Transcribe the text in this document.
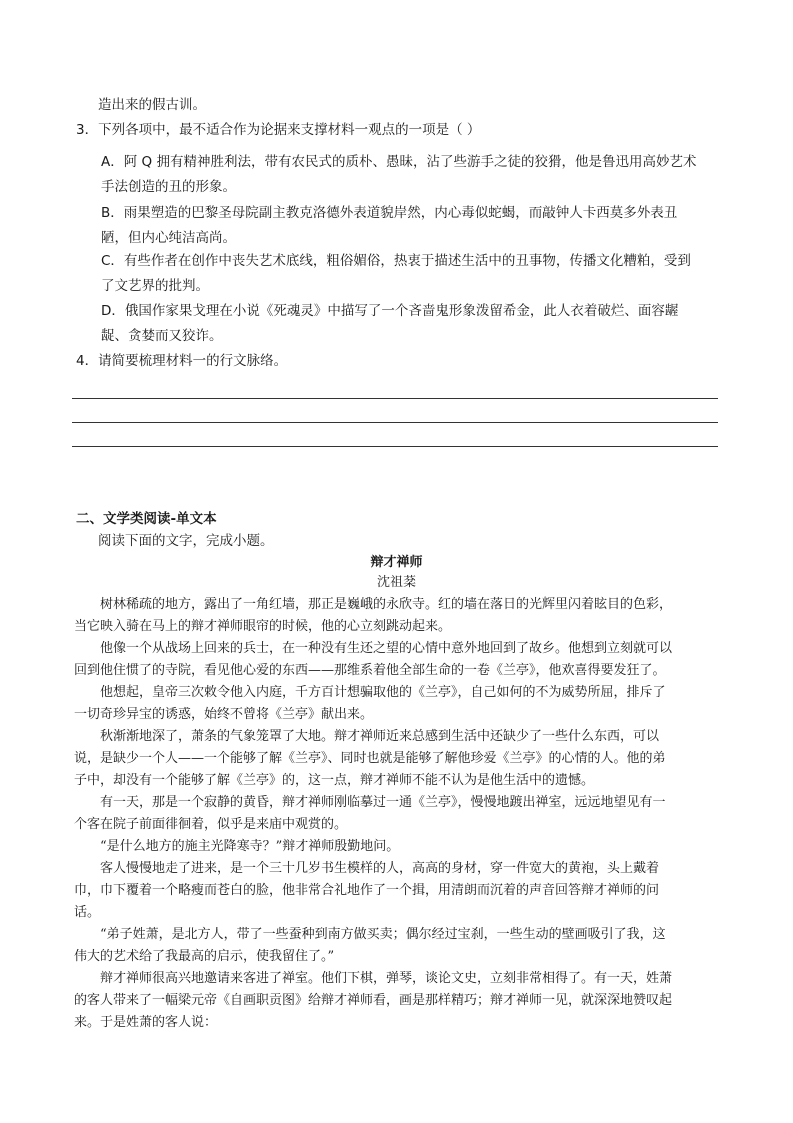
造出来的假古训。
3．下列各项中，最不适合作为论据来支撑材料一观点的一项是（ ）
A．阿 Q 拥有精神胜利法，带有农民式的质朴、愚昧，沾了些游手之徒的狡猾，他是鲁迅用高妙艺术
手法创造的丑的形象。
B．雨果塑造的巴黎圣母院副主教克洛德外表道貌岸然，内心毒似蛇蝎，而敲钟人卡西莫多外表丑
陋，但内心纯洁高尚。
C．有些作者在创作中丧失艺术底线，粗俗媚俗，热衷于描述生活中的丑事物，传播文化糟粕，受到
了文艺界的批判。
D．俄国作家果戈理在小说《死魂灵》中描写了一个吝啬鬼形象泼留希金，此人衣着破烂、面容龌
龊、贪婪而又狡诈。
4．请简要梳理材料一的行文脉络。
二、文学类阅读-单文本
阅读下面的文字，完成小题。
辩才禅师
沈祖棻
树林稀疏的地方，露出了一角红墙，那正是巍峨的永欣寺。红的墙在落日的光辉里闪着眩目的色彩，
当它映入骑在马上的辩才禅师眼帘的时候，他的心立刻跳动起来。
他像一个从战场上回来的兵士，在一种没有生还之望的心情中意外地回到了故乡。他想到立刻就可以
回到他住惯了的寺院，看见他心爱的东西——那维系着他全部生命的一卷《兰亭》，他欢喜得要发狂了。
他想起，皇帝三次敕令他入内庭，千方百计想骗取他的《兰亭》，自己如何的不为威势所屈，排斥了
一切奇珍异宝的诱惑，始终不曾将《兰亭》献出来。
秋渐渐地深了，萧条的气象笼罩了大地。辩才禅师近来总感到生活中还缺少了一些什么东西，可以
说，是缺少一个人——一个能够了解《兰亭》、同时也就是能够了解他珍爱《兰亭》的心情的人。他的弟
子中，却没有一个能够了解《兰亭》的，这一点，辩才禅师不能不认为是他生活中的遗憾。
有一天，那是一个寂静的黄昏，辩才禅师刚临摹过一通《兰亭》，慢慢地踱出禅室，远远地望见有一
个客在院子前面徘徊着，似乎是来庙中观赏的。
“是什么地方的施主光降寒寺？”辩才禅师殷勤地问。
客人慢慢地走了进来，是一个三十几岁书生模样的人，高高的身材，穿一件宽大的黄袍，头上戴着
巾，巾下覆着一个略瘦而苍白的脸，他非常合礼地作了一个揖，用清朗而沉着的声音回答辩才禅师的问
话。
“弟子姓萧，是北方人，带了一些蚕种到南方做买卖；偶尔经过宝刹，一些生动的壁画吸引了我，这
伟大的艺术给了我最高的启示，使我留住了。”
辩才禅师很高兴地邀请来客进了禅室。他们下棋，弹琴，谈论文史，立刻非常相得了。有一天，姓萧
的客人带来了一幅梁元帝《自画职贡图》给辩才禅师看，画是那样精巧；辩才禅师一见，就深深地赞叹起
来。于是姓萧的客人说：
